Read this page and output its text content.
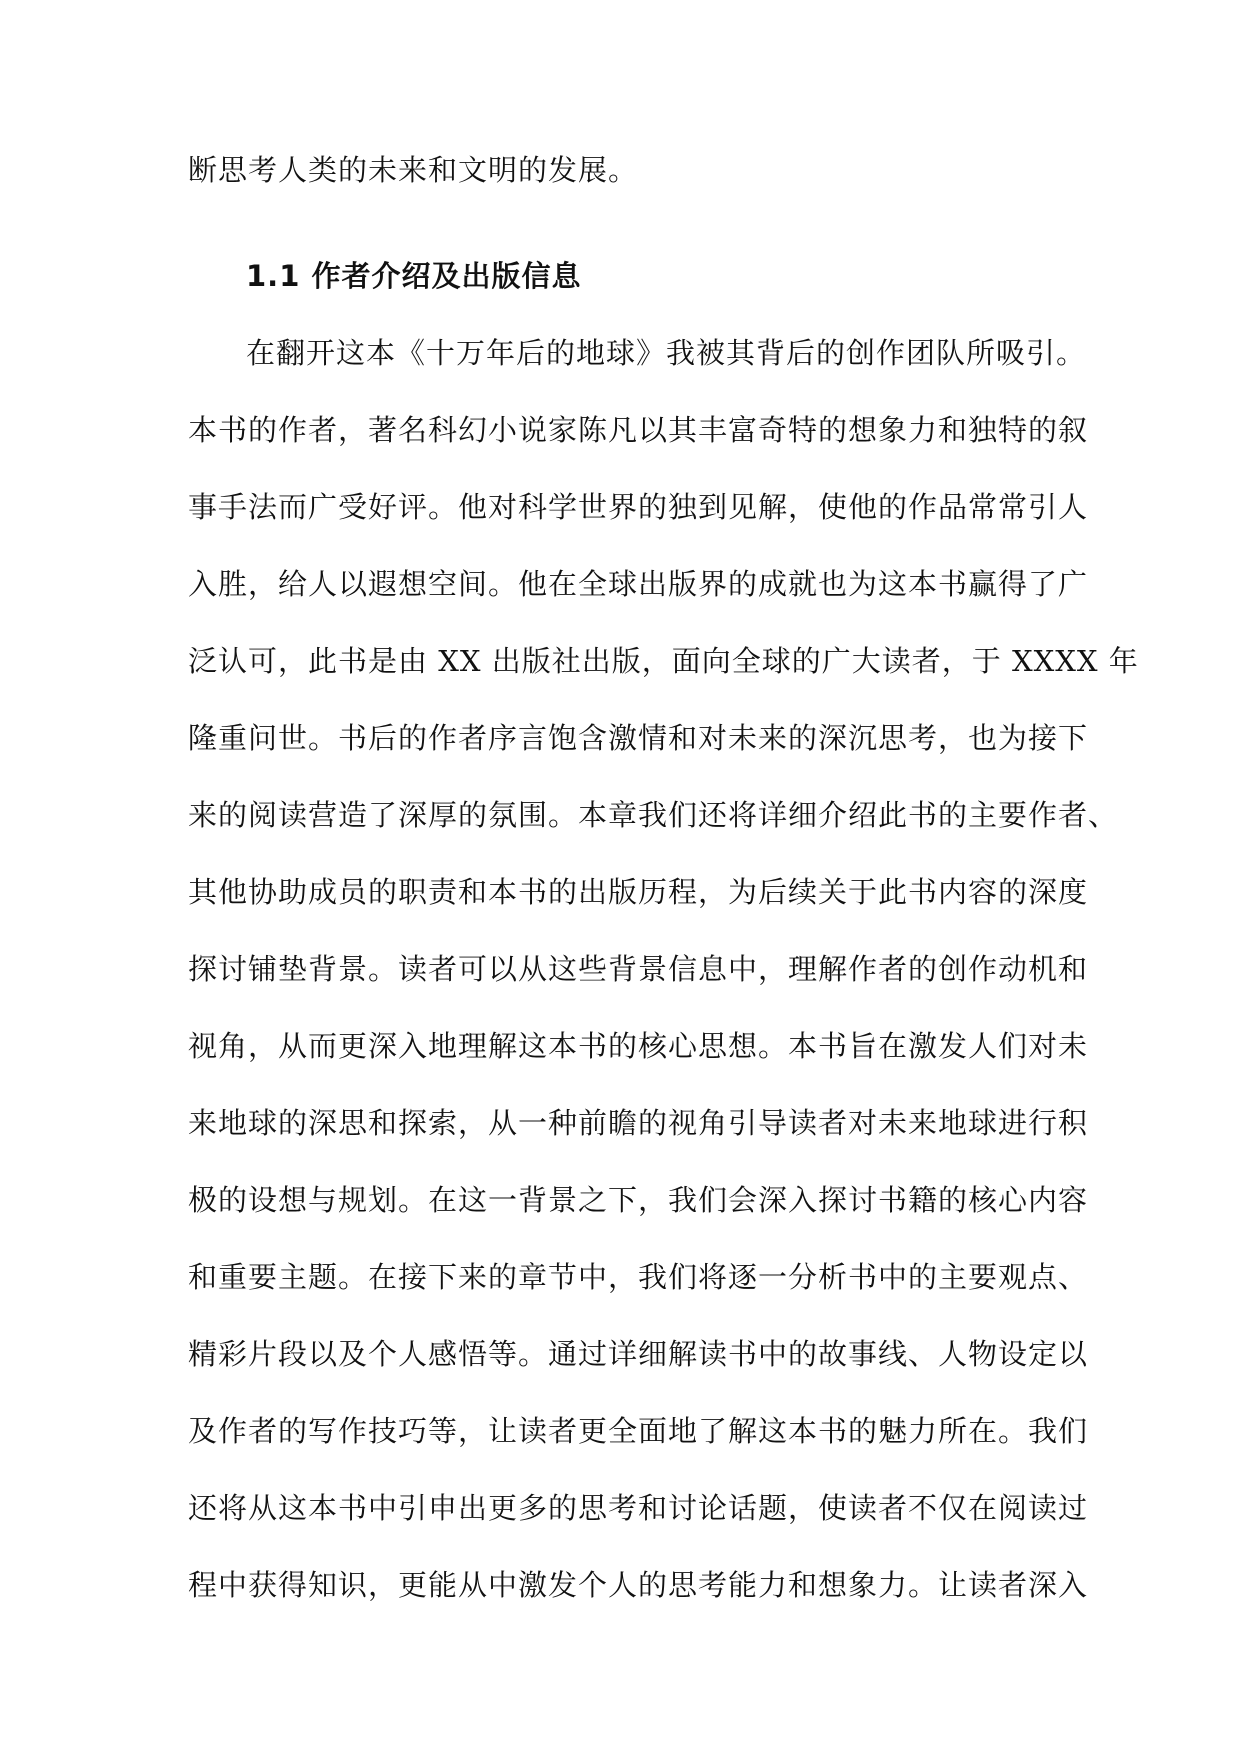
断思考人类的未来和文明的发展。
1.1 作者介绍及出版信息
在翻开这本《十万年后的地球》我被其背后的创作团队所吸引。
本书的作者，著名科幻小说家陈凡以其丰富奇特的想象力和独特的叙
事手法而广受好评。他对科学世界的独到见解，使他的作品常常引人
入胜，给人以遐想空间。他在全球出版界的成就也为这本书赢得了广
泛认可，此书是由 XX 出版社出版，面向全球的广大读者，于 XXXX 年
隆重问世。书后的作者序言饱含激情和对未来的深沉思考，也为接下
来的阅读营造了深厚的氛围。本章我们还将详细介绍此书的主要作者、
其他协助成员的职责和本书的出版历程，为后续关于此书内容的深度
探讨铺垫背景。读者可以从这些背景信息中，理解作者的创作动机和
视角，从而更深入地理解这本书的核心思想。本书旨在激发人们对未
来地球的深思和探索，从一种前瞻的视角引导读者对未来地球进行积
极的设想与规划。在这一背景之下，我们会深入探讨书籍的核心内容
和重要主题。在接下来的章节中，我们将逐一分析书中的主要观点、
精彩片段以及个人感悟等。通过详细解读书中的故事线、人物设定以
及作者的写作技巧等，让读者更全面地了解这本书的魅力所在。我们
还将从这本书中引申出更多的思考和讨论话题，使读者不仅在阅读过
程中获得知识，更能从中激发个人的思考能力和想象力。让读者深入
